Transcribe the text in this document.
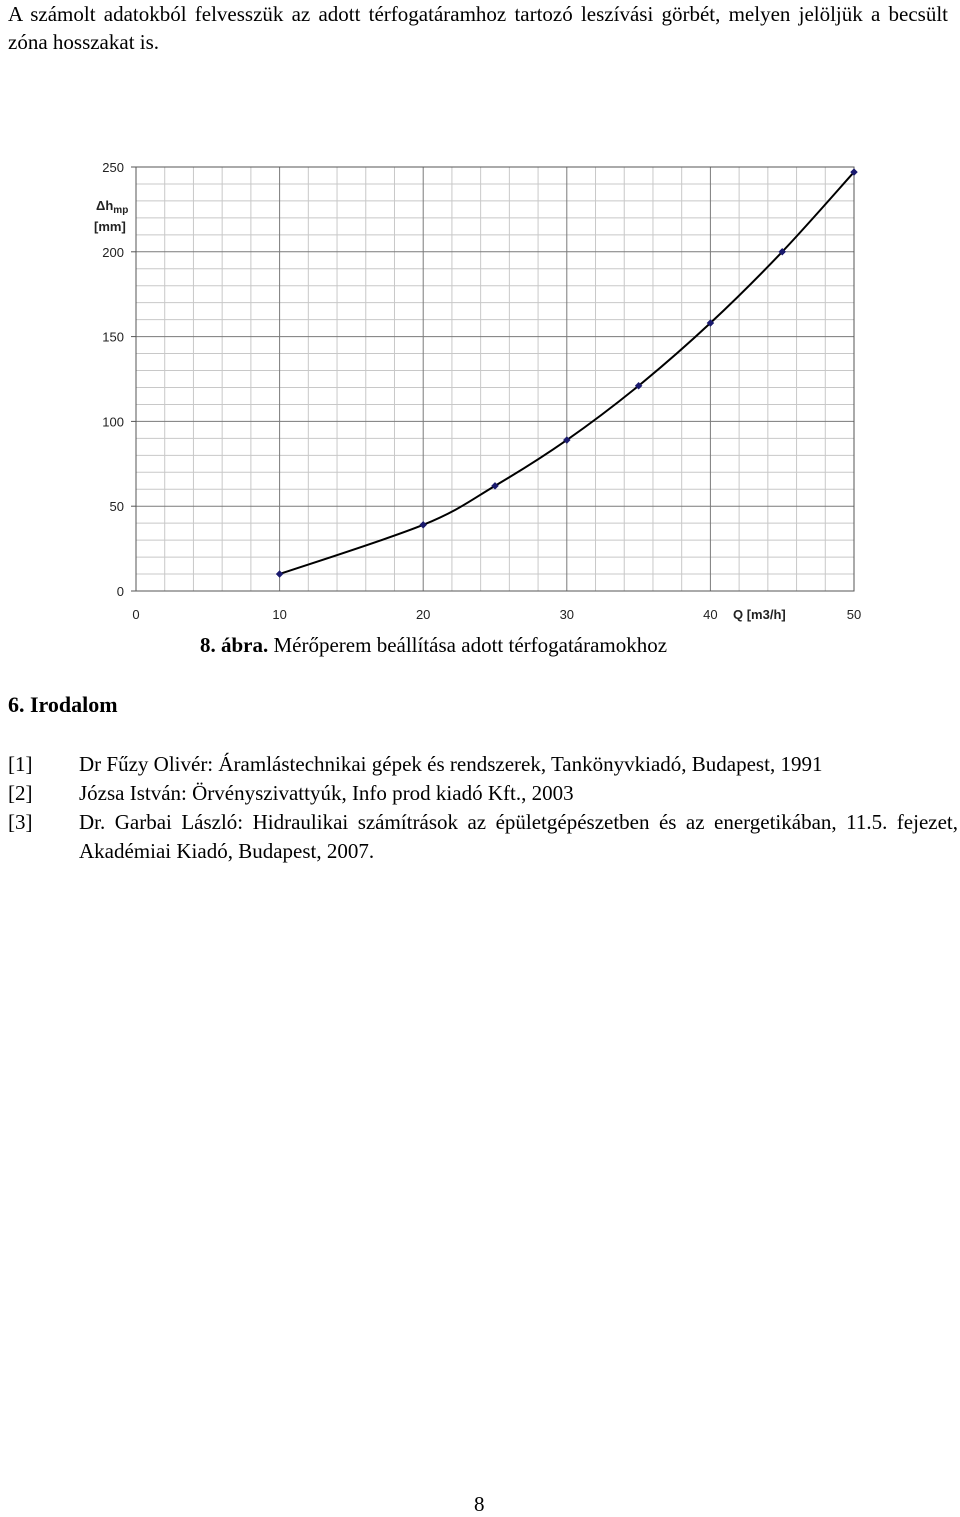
A számolt adatokból felvesszük az adott térfogatáramhoz tartozó leszívási görbét, melyen jelöljük a becsült zóna hosszakat is.
0
50
100
150
200
250
0	10	20	30	40	50
$\Delta h_{mp}$
[mm]
Q [m3/h]
8. ábra. Mérőperem beállítása adott térfogatáramokhoz
6. Irodalom
[1] Dr Fűzy Olivér: Áramlástechnikai gépek és rendszerek, Tankönyvkiadó, Budapest, 1991
[2] Józsa István: Örvényszivattyúk, Info prod kiadó Kft., 2003
[3] Dr. Garbai László: Hidraulikai számítrások az épületgépészetben és az energetikában, 11.5. fejezet, Akadémiai Kiadó, Budapest, 2007.
8
